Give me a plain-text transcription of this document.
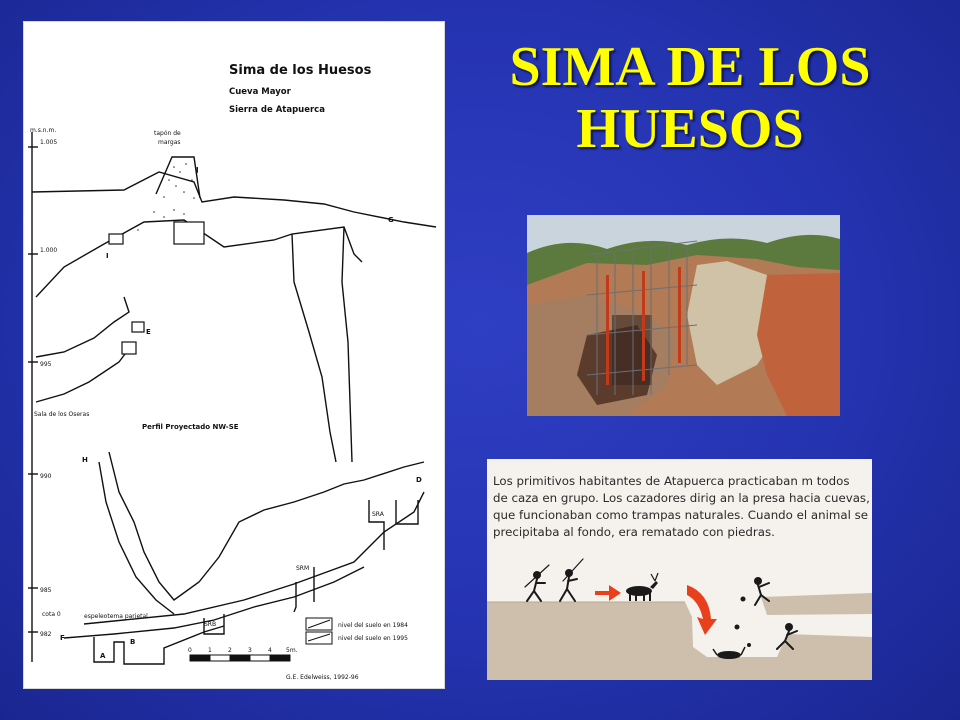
SIMA DE LOS
HUESOS
Sima de los Huesos
Cueva Mayor
Sierra de Atapuerca
m.s.n.m.
1.005
1.000
995
990
985
982
cota 0
tapón de
margas
Sala de los Oseras
Perfil Proyectado NW-SE
espeleotema parietal
nivel del suelo en 1984
nivel del suelo en 1995
G.E. Edelweiss, 1992-96
0	1	2	3	4 5m.
J
I
G
E
H
D
F
A
B
SRB
SRM
SRA
Los primitivos habitantes de Atapuerca practicaban m todos
de caza en grupo. Los cazadores dirig an la presa hacia cuevas,
que funcionaban como trampas naturales. Cuando el animal se
precipitaba al fondo, era rematado con piedras.
